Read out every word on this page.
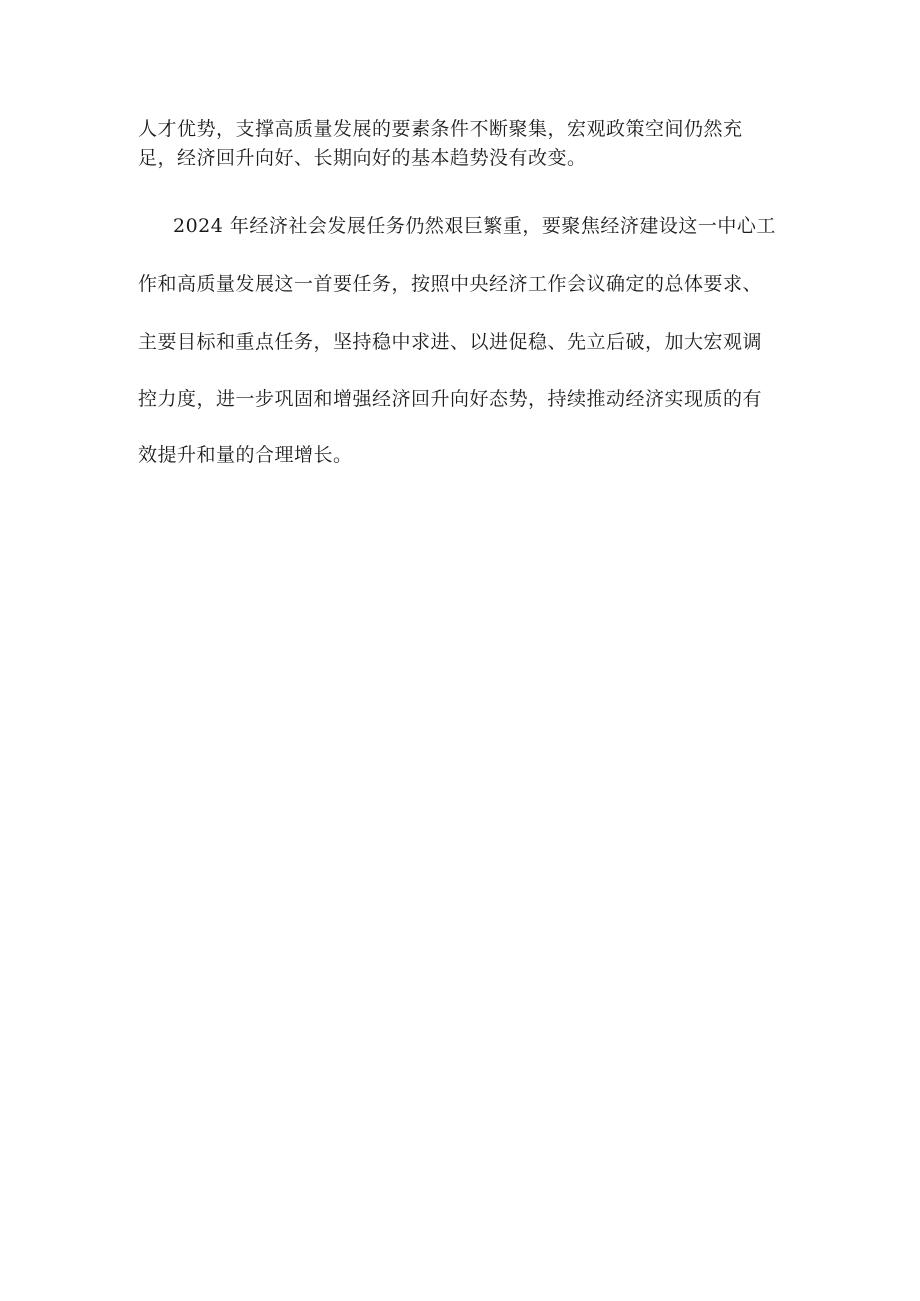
人才优势，支撑高质量发展的要素条件不断聚集，宏观政策空间仍然充
足，经济回升向好、长期向好的基本趋势没有改变。
2024 年经济社会发展任务仍然艰巨繁重，要聚焦经济建设这一中心工
作和高质量发展这一首要任务，按照中央经济工作会议确定的总体要求、
主要目标和重点任务，坚持稳中求进、以进促稳、先立后破，加大宏观调
控力度，进一步巩固和增强经济回升向好态势，持续推动经济实现质的有
效提升和量的合理增长。
